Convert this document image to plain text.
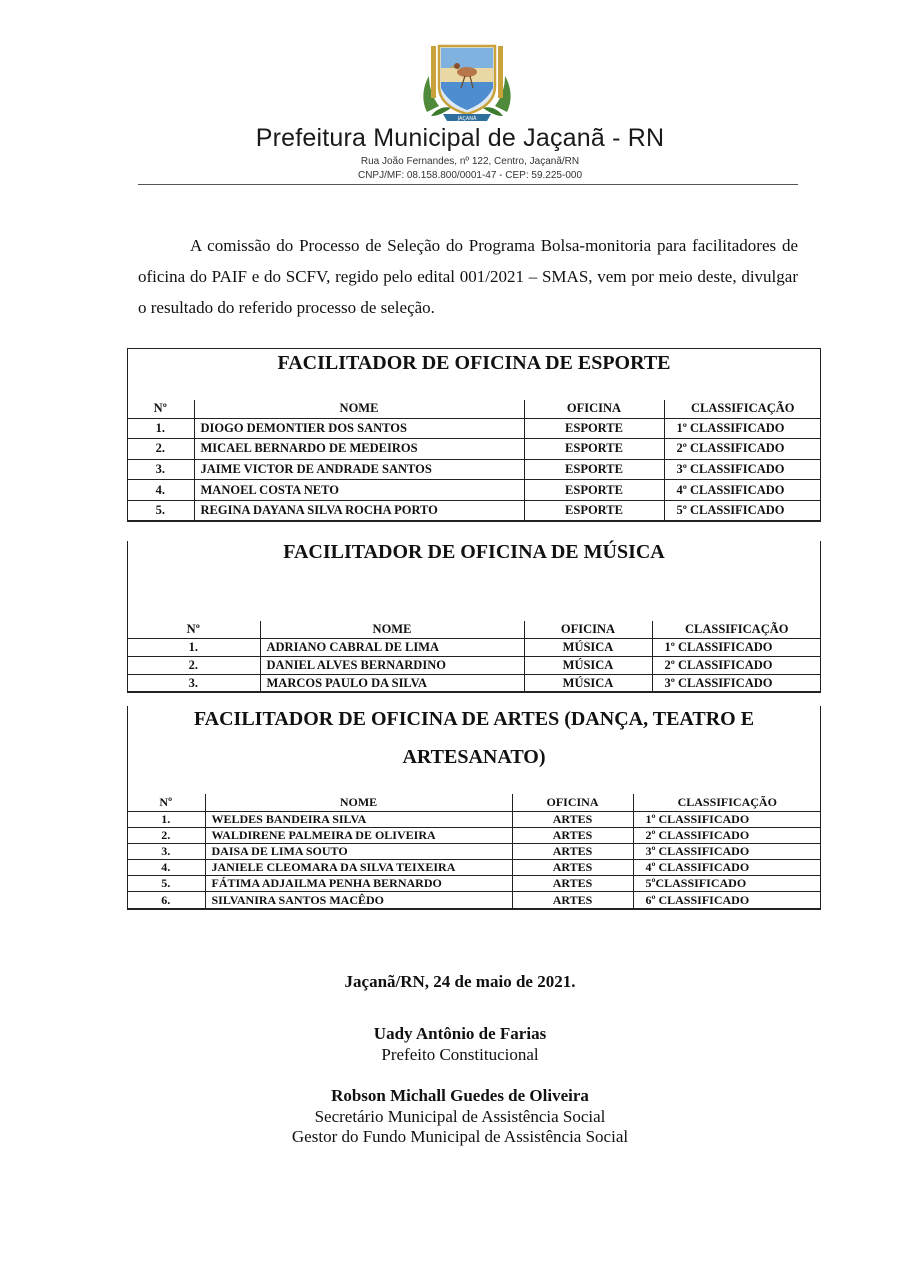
JAÇANÃ
Prefeitura Municipal de Jaçanã - RN
Rua João Fernandes, nº 122, Centro, Jaçanã/RN
CNPJ/MF: 08.158.800/0001-47 - CEP: 59.225-000

A comissão do Processo de Seleção do Programa Bolsa-monitoria para facilitadores de oficina do PAIF e do SCFV, regido pelo edital 001/2021 – SMAS, vem por meio deste, divulgar o resultado do referido processo de seleção.

FACILITADOR DE OFICINA DE ESPORTE
Nº	NOME	OFICINA	CLASSIFICAÇÃO
1.	DIOGO DEMONTIER DOS SANTOS	ESPORTE	1º CLASSIFICADO
2.	MICAEL BERNARDO DE MEDEIROS	ESPORTE	2º CLASSIFICADO
3.	JAIME VICTOR DE ANDRADE SANTOS	ESPORTE	3º CLASSIFICADO
4.	MANOEL COSTA NETO	ESPORTE	4º CLASSIFICADO
5.	REGINA DAYANA SILVA ROCHA PORTO	ESPORTE	5º CLASSIFICADO
FACILITADOR DE OFICINA DE MÚSICA
Nº	NOME	OFICINA	CLASSIFICAÇÃO
1.	ADRIANO CABRAL DE LIMA	MÚSICA	1º CLASSIFICADO
2.	DANIEL ALVES BERNARDINO	MÚSICA	2º CLASSIFICADO
3.	MARCOS PAULO DA SILVA	MÚSICA	3º CLASSIFICADO
FACILITADOR DE OFICINA DE ARTES (DANÇA, TEATRO E
ARTESANATO)
Nº	NOME	OFICINA	CLASSIFICAÇÃO
1.	WELDES BANDEIRA SILVA	ARTES	1º CLASSIFICADO
2.	WALDIRENE PALMEIRA DE OLIVEIRA	ARTES	2º CLASSIFICADO
3.	DAISA DE LIMA SOUTO	ARTES	3º CLASSIFICADO
4.	JANIELE CLEOMARA DA SILVA TEIXEIRA	ARTES	4º CLASSIFICADO
5.	FÁTIMA ADJAILMA PENHA BERNARDO	ARTES	5ºCLASSIFICADO
6.	SILVANIRA SANTOS MACÊDO	ARTES	6º CLASSIFICADO
Jaçanã/RN, 24 de maio de 2021.
Uady Antônio de Farias
Prefeito Constitucional
Robson Michall Guedes de Oliveira
Secretário Municipal de Assistência Social
Gestor do Fundo Municipal de Assistência Social
